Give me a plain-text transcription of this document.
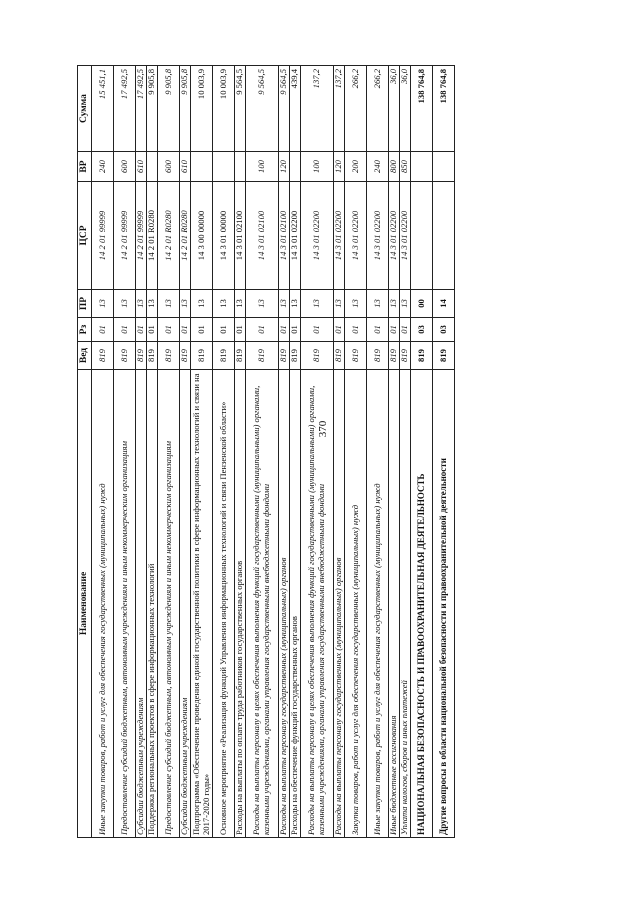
370
Наименование	Вед	Рз	ПР	ЦСР	ВР	Сумма
Иные закупки товаров, работ и услуг для обеспечения государственных (муниципальных) нужд	819	01	13	14 2 01 99999	240	15 451,1
Предоставление субсидий бюджетным, автономным учреждениям и иным некоммерческим организациям	819	01	13	14 2 01 99999	600	17 492,5
Субсидии бюджетным учреждениям	819	01	13	14 2 01 99999	610	17 492,5
Поддержка региональных проектов в сфере информационных технологий	819	01	13	14 2 01 R0280		9 905,8
Предоставление субсидий бюджетным, автономным учреждениям и иным некоммерческим организациям	819	01	13	14 2 01 R0280	600	9 905,8
Субсидии бюджетным учреждениям	819	01	13	14 2 01 R0280	610	9 905,8
Подпрограмма «Обеспечение проведения единой государственной политики в сфере информационных технологий и связи на 2017-2020 годы»	819	01	13	14 3 00 00000		10 003,9
Основное мероприятие «Реализация функций Управления информационных технологий и связи Пензенской области»	819	01	13	14 3 01 00000		10 003,9
Расходы на выплаты по оплате труда работников государственных органов	819	01	13	14 3 01 02100		9 564,5
Расходы на выплаты персоналу в целях обеспечения выполнения функций государственными (муниципальными) органами, казенными учреждениями, органами управления государственными внебюджетными фондами	819	01	13	14 3 01 02100	100	9 564,5
Расходы на выплаты персоналу государственных (муниципальных) органов	819	01	13	14 3 01 02100	120	9 564,5
Расходы на обеспечение функций государственных органов	819	01	13	14 3 01 02200		439,4
Расходы на выплаты персоналу в целях обеспечения выполнения функций государственными (муниципальными) органами, казенными учреждениями, органами управления государственными внебюджетными фондами	819	01	13	14 3 01 02200	100	137,2
Расходы на выплаты персоналу государственных (муниципальных) органов	819	01	13	14 3 01 02200	120	137,2
Закупка товаров, работ и услуг для обеспечения государственных (муниципальных) нужд	819	01	13	14 3 01 02200	200	266,2
Иные закупки товаров, работ и услуг для обеспечения государственных (муниципальных) нужд	819	01	13	14 3 01 02200	240	266,2
Иные бюджетные ассигнования	819	01	13	14 3 01 02200	800	36,0
Уплата налогов, сборов и иных платежей	819	01	13	14 3 01 02200	850	36,0
НАЦИОНАЛЬНАЯ БЕЗОПАСНОСТЬ И ПРАВООХРАНИТЕЛЬНАЯ ДЕЯТЕЛЬНОСТЬ	819	03	00			138 764,8
Другие вопросы в области национальной безопасности и правоохранительной деятельности	819	03	14			138 764,8
